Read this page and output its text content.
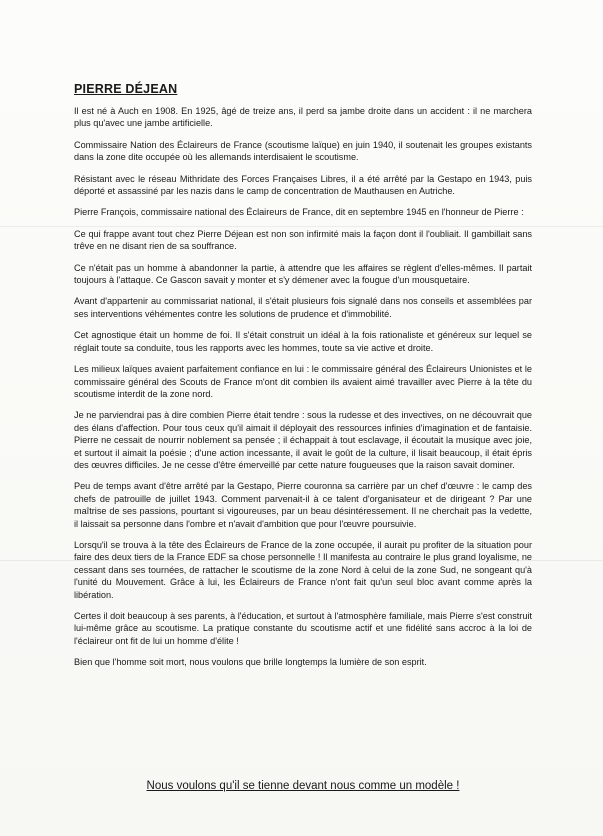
PIERRE DÉJEAN

Il est né à Auch en 1908. En 1925, âgé de treize ans, il perd sa jambe droite dans un accident : il ne marchera plus qu'avec une jambe artificielle.

Commissaire Nation des Éclaireurs de France (scoutisme laïque) en juin 1940, il soutenait les groupes existants dans la zone dite occupée où les allemands interdisaient le scoutisme.

Résistant avec le réseau Mithridate des Forces Françaises Libres, il a été arrêté par la Gestapo en 1943, puis déporté et assassiné par les nazis dans le camp de concentration de Mauthausen en Autriche.

Pierre François, commissaire national des Éclaireurs de France, dit en septembre 1945 en l'honneur de Pierre :

Ce qui frappe avant tout chez Pierre Déjean est non son infirmité mais la façon dont il l'oubliait. Il gambillait sans trêve en ne disant rien de sa souffrance.

Ce n'était pas un homme à abandonner la partie, à attendre que les affaires se règlent d'elles-mêmes. Il partait toujours à l'attaque. Ce Gascon savait y monter et s'y démener avec la fougue d'un mousquetaire.

Avant d'appartenir au commissariat national, il s'était plusieurs fois signalé dans nos conseils et assemblées par ses interventions véhémentes contre les solutions de prudence et d'immobilité.

Cet agnostique était un homme de foi. Il s'était construit un idéal à la fois rationaliste et généreux sur lequel se réglait toute sa conduite, tous les rapports avec les hommes, toute sa vie active et droite.

Les milieux laïques avaient parfaitement confiance en lui : le commissaire général des Éclaireurs Unionistes et le commissaire général des Scouts de France m'ont dit combien ils avaient aimé travailler avec Pierre à la tête du scoutisme interdit de la zone nord.

Je ne parviendrai pas à dire combien Pierre était tendre : sous la rudesse et des invectives, on ne découvrait que des élans d'affection. Pour tous ceux qu'il aimait il déployait des ressources infinies d'imagination et de fantaisie. Pierre ne cessait de nourrir noblement sa pensée ; il échappait à tout esclavage, il écoutait la musique avec joie, et surtout il aimait la poésie ; d'une action incessante, il avait le goût de la culture, il lisait beaucoup, il était épris des œuvres difficiles. Je ne cesse d'être émerveillé par cette nature fougueuses que la raison savait dominer.

Peu de temps avant d'être arrêté par la Gestapo, Pierre couronna sa carrière par un chef d'œuvre : le camp des chefs de patrouille de juillet 1943. Comment parvenait-il à ce talent d'organisateur et de dirigeant ? Par une maîtrise de ses passions, pourtant si vigoureuses, par un beau désintéressement. Il ne cherchait pas la vedette, il laissait sa personne dans l'ombre et n'avait d'ambition que pour l'œuvre poursuivie.

Lorsqu'il se trouva à la tête des Éclaireurs de France de la zone occupée, il aurait pu profiter de la situation pour faire des deux tiers de la France EDF sa chose personnelle ! Il manifesta au contraire le plus grand loyalisme, ne cessant dans ses tournées, de rattacher le scoutisme de la zone Nord à celui de la zone Sud, ne songeant qu'à l'unité du Mouvement. Grâce à lui, les Éclaireurs de France n'ont fait qu'un seul bloc avant comme après la libération.

Certes il doit beaucoup à ses parents, à l'éducation, et surtout à l'atmosphère familiale, mais Pierre s'est construit lui-même grâce au scoutisme. La pratique constante du scoutisme actif et une fidélité sans accroc à la loi de l'éclaireur ont fit de lui un homme d'élite !

Bien que l'homme soit mort, nous voulons que brille longtemps la lumière de son esprit.

Nous voulons qu'il se tienne devant nous comme un modèle !
